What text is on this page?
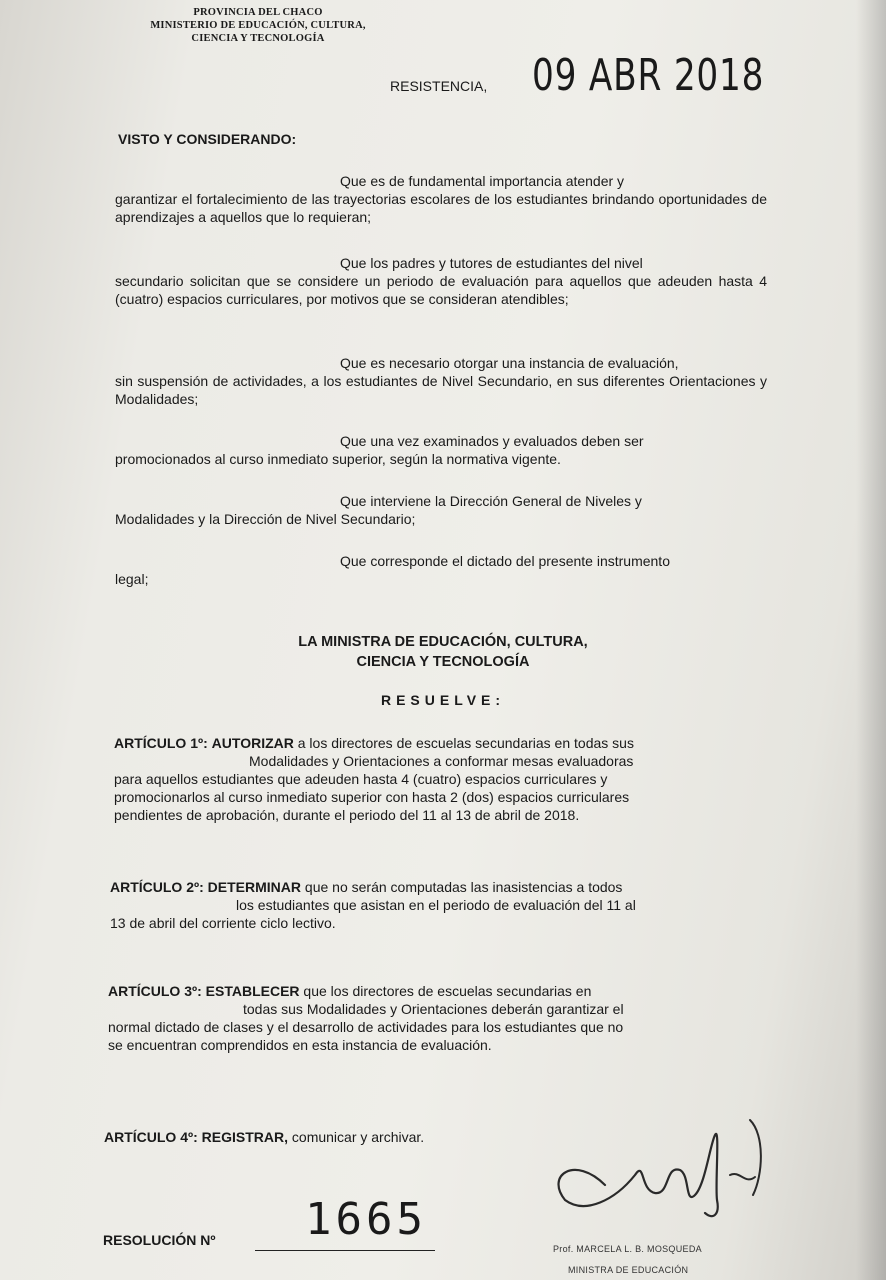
PROVINCIA DEL CHACO
MINISTERIO DE EDUCACIÓN, CULTURA,
CIENCIA Y TECNOLOGÍA
RESISTENCIA, 09 ABR 2018
VISTO Y CONSIDERANDO:
Que es de fundamental importancia atender y
garantizar el fortalecimiento de las trayectorias escolares de los estudiantes brindando oportunidades de aprendizajes a aquellos que lo requieran;
Que los padres y tutores de estudiantes del nivel
secundario solicitan que se considere un periodo de evaluación para aquellos que adeuden hasta 4 (cuatro) espacios curriculares, por motivos que se consideran atendibles;
Que es necesario otorgar una instancia de evaluación,
sin suspensión de actividades, a los estudiantes de Nivel Secundario, en sus diferentes Orientaciones y Modalidades;
Que una vez examinados y evaluados deben ser
promocionados al curso inmediato superior, según la normativa vigente.
Que interviene la Dirección General de Niveles y
Modalidades y la Dirección de Nivel Secundario;
Que corresponde el dictado del presente instrumento
legal;
LA MINISTRA DE EDUCACIÓN, CULTURA,
CIENCIA Y TECNOLOGÍA
RESUELVE:
ARTÍCULO 1º: AUTORIZAR a los directores de escuelas secundarias en todas sus
Modalidades y Orientaciones a conformar mesas evaluadoras
para aquellos estudiantes que adeuden hasta 4 (cuatro) espacios curriculares y
promocionarlos al curso inmediato superior con hasta 2 (dos) espacios curriculares
pendientes de aprobación, durante el periodo del 11 al 13 de abril de 2018.
ARTÍCULO 2º: DETERMINAR que no serán computadas las inasistencias a todos
los estudiantes que asistan en el periodo de evaluación del 11 al
13 de abril del corriente ciclo lectivo.
ARTÍCULO 3º: ESTABLECER que los directores de escuelas secundarias en
todas sus Modalidades y Orientaciones deberán garantizar el
normal dictado de clases y el desarrollo de actividades para los estudiantes que no
se encuentran comprendidos en esta instancia de evaluación.
ARTÍCULO 4º: REGISTRAR, comunicar y archivar.
Prof. MARCELA L. B. MOSQUEDA
MINISTRA DE EDUCACIÓN
RESOLUCIÓN Nº 1665
